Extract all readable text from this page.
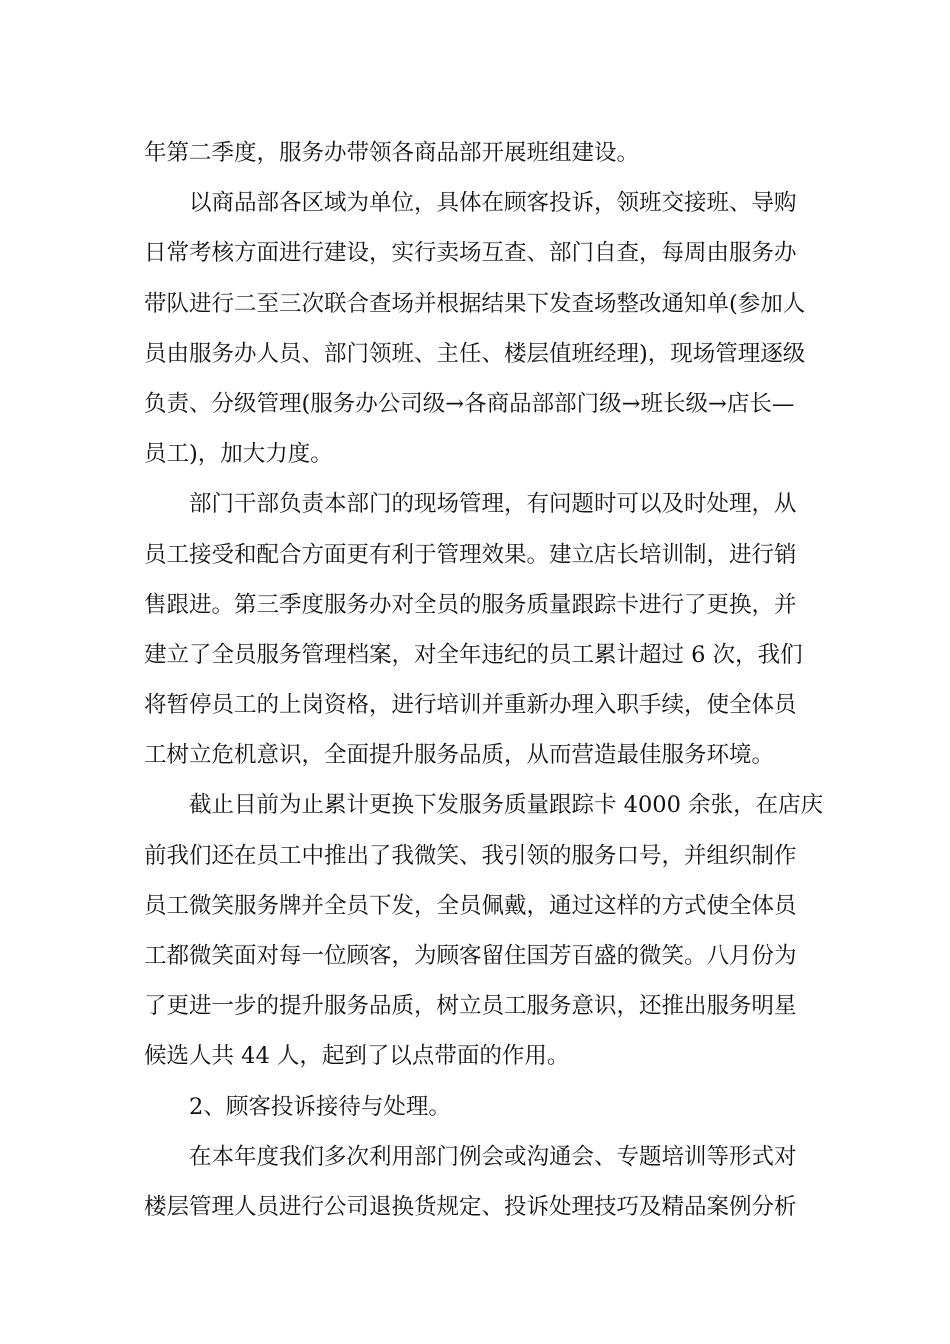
年第二季度，服务办带领各商品部开展班组建设。
以商品部各区域为单位，具体在顾客投诉，领班交接班、导购
日常考核方面进行建设，实行卖场互查、部门自查，每周由服务办
带队进行二至三次联合查场并根据结果下发查场整改通知单(参加人
员由服务办人员、部门领班、主任、楼层值班经理)，现场管理逐级
负责、分级管理(服务办公司级→各商品部部门级→班长级→店长—
员工)，加大力度。
部门干部负责本部门的现场管理，有问题时可以及时处理，从
员工接受和配合方面更有利于管理效果。建立店长培训制，进行销
售跟进。第三季度服务办对全员的服务质量跟踪卡进行了更换，并
建立了全员服务管理档案，对全年违纪的员工累计超过 6 次，我们
将暂停员工的上岗资格，进行培训并重新办理入职手续，使全体员
工树立危机意识，全面提升服务品质，从而营造最佳服务环境。
截止目前为止累计更换下发服务质量跟踪卡 4000 余张，在店庆
前我们还在员工中推出了我微笑、我引领的服务口号，并组织制作
员工微笑服务牌并全员下发，全员佩戴，通过这样的方式使全体员
工都微笑面对每一位顾客，为顾客留住国芳百盛的微笑。八月份为
了更进一步的提升服务品质，树立员工服务意识，还推出服务明星
候选人共 44 人，起到了以点带面的作用。
2、顾客投诉接待与处理。
在本年度我们多次利用部门例会或沟通会、专题培训等形式对
楼层管理人员进行公司退换货规定、投诉处理技巧及精品案例分析
